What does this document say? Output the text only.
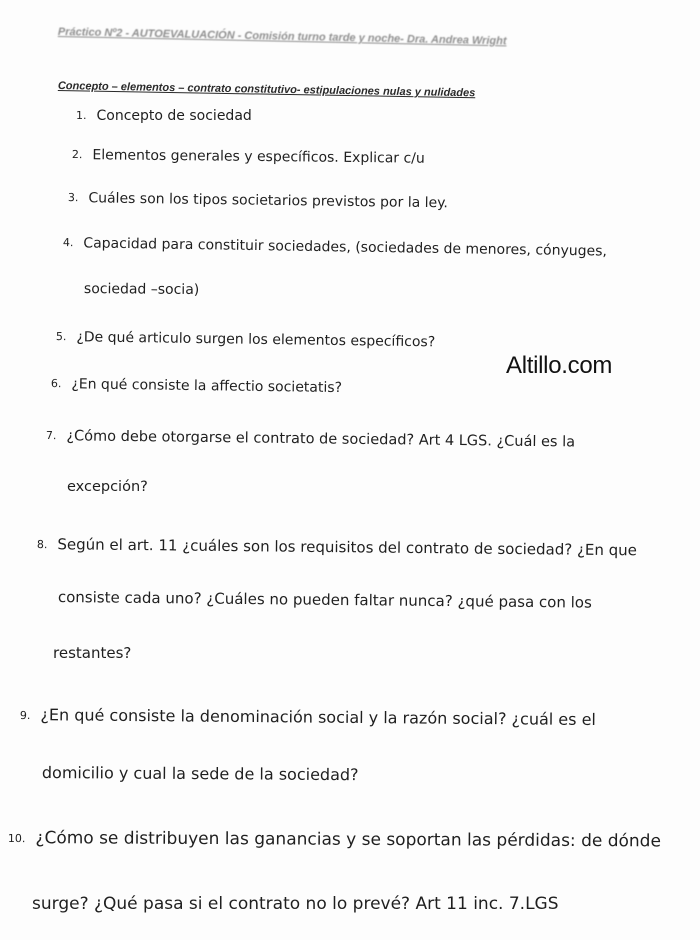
Práctico Nº2 - AUTOEVALUACIÓN - Comisión turno tarde y noche- Dra. Andrea Wright
Concepto – elementos – contrato constitutivo- estipulaciones nulas y nulidades
1. Concepto de sociedad
2. Elementos generales y específicos. Explicar c/u
3. Cuáles son los tipos societarios previstos por la ley.
4. Capacidad para constituir sociedades, (sociedades de menores, cónyuges,
sociedad –socia)
5. ¿De qué articulo surgen los elementos específicos?
Altillo.com
6. ¿En qué consiste la affectio societatis?
7. ¿Cómo debe otorgarse el contrato de sociedad? Art 4 LGS. ¿Cuál es la
excepción?
8. Según el art. 11 ¿cuáles son los requisitos del contrato de sociedad? ¿En que
consiste cada uno? ¿Cuáles no pueden faltar nunca? ¿qué pasa con los
restantes?
9. ¿En qué consiste la denominación social y la razón social? ¿cuál es el
domicilio y cual la sede de la sociedad?
10. ¿Cómo se distribuyen las ganancias y se soportan las pérdidas: de dónde
surge? ¿Qué pasa si el contrato no lo prevé? Art 11 inc. 7.LGS
